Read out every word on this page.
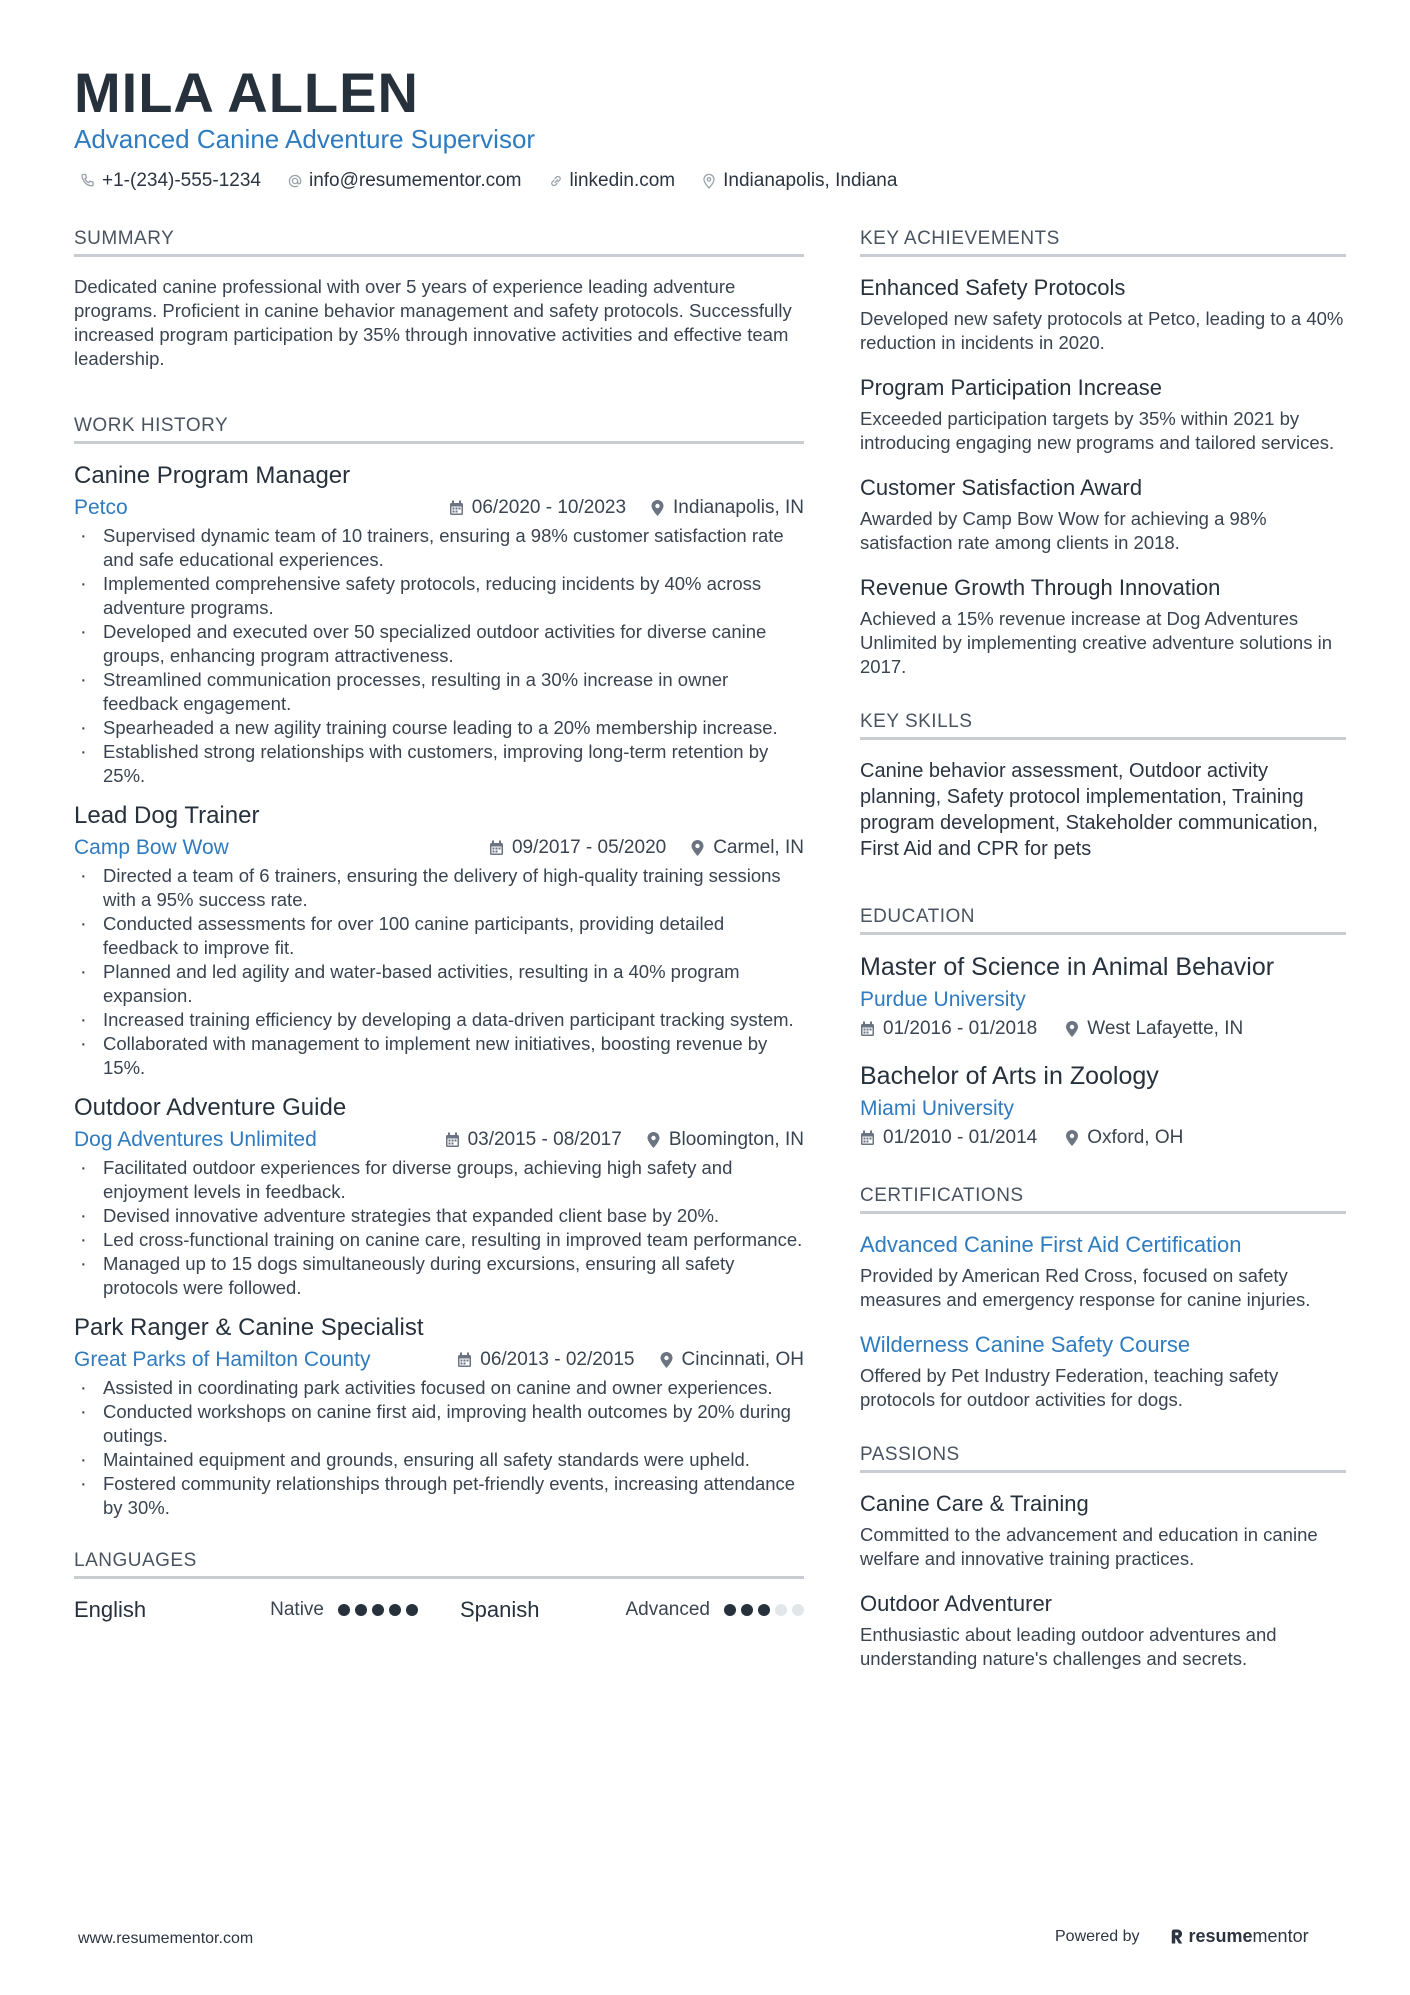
MILA ALLEN
Advanced Canine Adventure Supervisor
+1-(234)-555-1234	info@resumementor.com	linkedin.com	Indianapolis, Indiana
SUMMARY

Dedicated canine professional with over 5 years of experience leading adventure programs. Proficient in canine behavior management and safety protocols. Successfully increased program participation by 35% through innovative activities and effective team leadership.

WORK HISTORY
Canine Program Manager
Petco	06/2020 - 10/2023 Indianapolis, IN
· Supervised dynamic team of 10 trainers, ensuring a 98% customer satisfaction rate and safe educational experiences.
· Implemented comprehensive safety protocols, reducing incidents by 40% across adventure programs.
· Developed and executed over 50 specialized outdoor activities for diverse canine groups, enhancing program attractiveness.
· Streamlined communication processes, resulting in a 30% increase in owner feedback engagement.
· Spearheaded a new agility training course leading to a 20% membership increase.
· Established strong relationships with customers, improving long-term retention by 25%.
Lead Dog Trainer
Camp Bow Wow	09/2017 - 05/2020 Carmel, IN
· Directed a team of 6 trainers, ensuring the delivery of high-quality training sessions with a 95% success rate.
· Conducted assessments for over 100 canine participants, providing detailed feedback to improve fit.
· Planned and led agility and water-based activities, resulting in a 40% program expansion.
· Increased training efficiency by developing a data-driven participant tracking system.
· Collaborated with management to implement new initiatives, boosting revenue by 15%.
Outdoor Adventure Guide
Dog Adventures Unlimited	03/2015 - 08/2017 Bloomington, IN
· Facilitated outdoor experiences for diverse groups, achieving high safety and enjoyment levels in feedback.
· Devised innovative adventure strategies that expanded client base by 20%.
· Led cross-functional training on canine care, resulting in improved team performance.
· Managed up to 15 dogs simultaneously during excursions, ensuring all safety protocols were followed.
Park Ranger & Canine Specialist
Great Parks of Hamilton County	06/2013 - 02/2015 Cincinnati, OH
· Assisted in coordinating park activities focused on canine and owner experiences.
· Conducted workshops on canine first aid, improving health outcomes by 20% during outings.
· Maintained equipment and grounds, ensuring all safety standards were upheld.
· Fostered community relationships through pet-friendly events, increasing attendance by 30%.
LANGUAGES
English	Native	Spanish	Advanced
KEY ACHIEVEMENTS
Enhanced Safety Protocols

Developed new safety protocols at Petco, leading to a 40% reduction in incidents in 2020.

Program Participation Increase

Exceeded participation targets by 35% within 2021 by introducing engaging new programs and tailored services.

Customer Satisfaction Award

Awarded by Camp Bow Wow for achieving a 98% satisfaction rate among clients in 2018.

Revenue Growth Through Innovation

Achieved a 15% revenue increase at Dog Adventures Unlimited by implementing creative adventure solutions in 2017.

KEY SKILLS

Canine behavior assessment, Outdoor activity planning, Safety protocol implementation, Training program development, Stakeholder communication, First Aid and CPR for pets

EDUCATION
Master of Science in Animal Behavior
Purdue University
01/2016 - 01/2018	West Lafayette, IN
Bachelor of Arts in Zoology
Miami University
01/2010 - 01/2014	Oxford, OH
CERTIFICATIONS
Advanced Canine First Aid Certification

Provided by American Red Cross, focused on safety measures and emergency response for canine injuries.

Wilderness Canine Safety Course

Offered by Pet Industry Federation, teaching safety protocols for outdoor activities for dogs.

PASSIONS
Canine Care & Training

Committed to the advancement and education in canine welfare and innovative training practices.

Outdoor Adventurer

Enthusiastic about leading outdoor adventures and understanding nature's challenges and secrets.

www.resumementor.com	Powered by	resumementor
